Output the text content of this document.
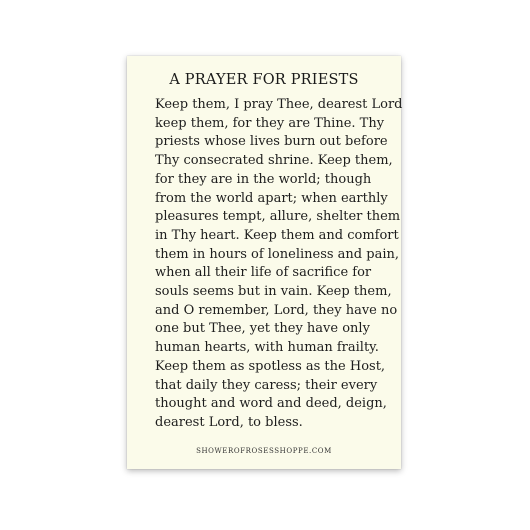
A PRAYER FOR PRIESTS
Keep them, I pray Thee, dearest Lord
keep them, for they are Thine. Thy
priests whose lives burn out before
Thy consecrated shrine. Keep them,
for they are in the world; though
from the world apart; when earthly
pleasures tempt, allure, shelter them
in Thy heart. Keep them and comfort
them in hours of loneliness and pain,
when all their life of sacrifice for
souls seems but in vain. Keep them,
and O remember, Lord, they have no
one but Thee, yet they have only
human hearts, with human frailty.
Keep them as spotless as the Host,
that daily they caress; their every
thought and word and deed, deign,
dearest Lord, to bless.
SHOWEROFROSESSHOPPE.COM
